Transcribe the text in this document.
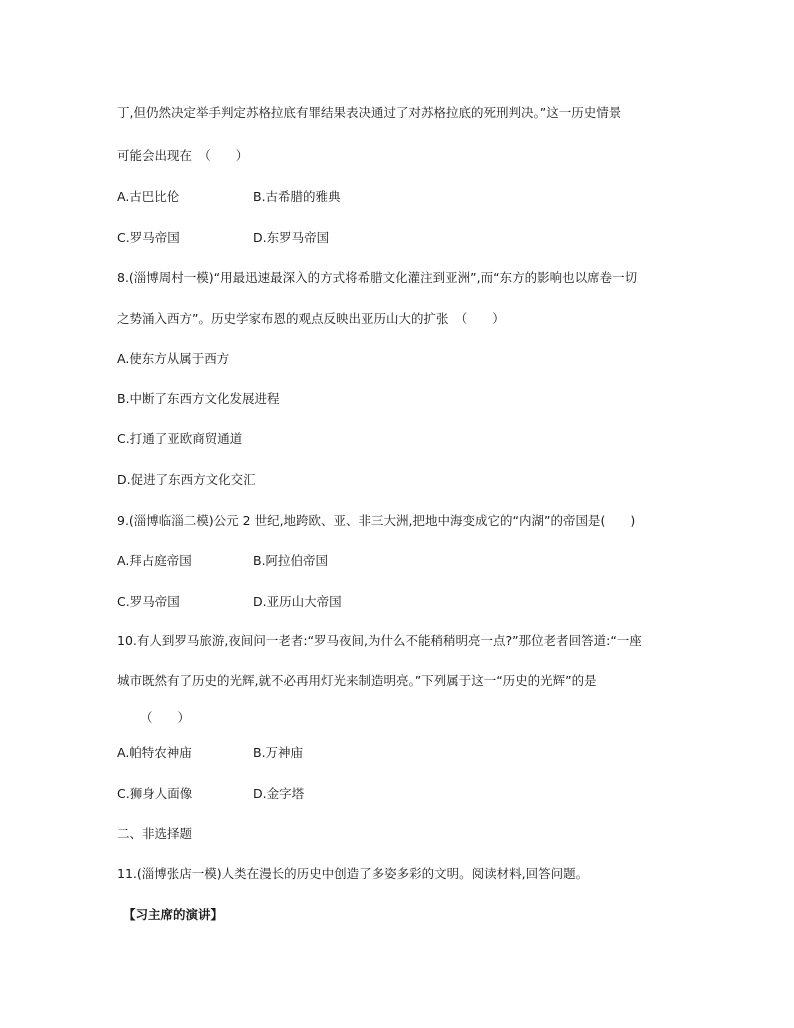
丁,但仍然决定举手判定苏格拉底有罪结果表决通过了对苏格拉底的死刑判决。”这一历史情景
可能会出现在　（　　）
A.古巴比伦	B.古希腊的雅典
C.罗马帝国	D.东罗马帝国
8.(淄博周村一模)“用最迅速最深入的方式将希腊文化灌注到亚洲”,而“东方的影响也以席卷一切
之势涌入西方”。历史学家布恩的观点反映出亚历山大的扩张　（　　）
A.使东方从属于西方
B.中断了东西方文化发展进程
C.打通了亚欧商贸通道
D.促进了东西方文化交汇
9.(淄博临淄二模)公元 2 世纪,地跨欧、亚、非三大洲,把地中海变成它的“内湖”的帝国是(　　)
A.拜占庭帝国	B.阿拉伯帝国
C.罗马帝国	D.亚历山大帝国
10.有人到罗马旅游,夜间问一老者:“罗马夜间,为什么不能稍稍明亮一点?”那位老者回答道:“一座
城市既然有了历史的光辉,就不必再用灯光来制造明亮。”下列属于这一“历史的光辉”的是
（　　）
A.帕特农神庙	B.万神庙
C.狮身人面像	D.金字塔
二、非选择题
11.(淄博张店一模)人类在漫长的历史中创造了多姿多彩的文明。阅读材料,回答问题。
【习主席的演讲】
